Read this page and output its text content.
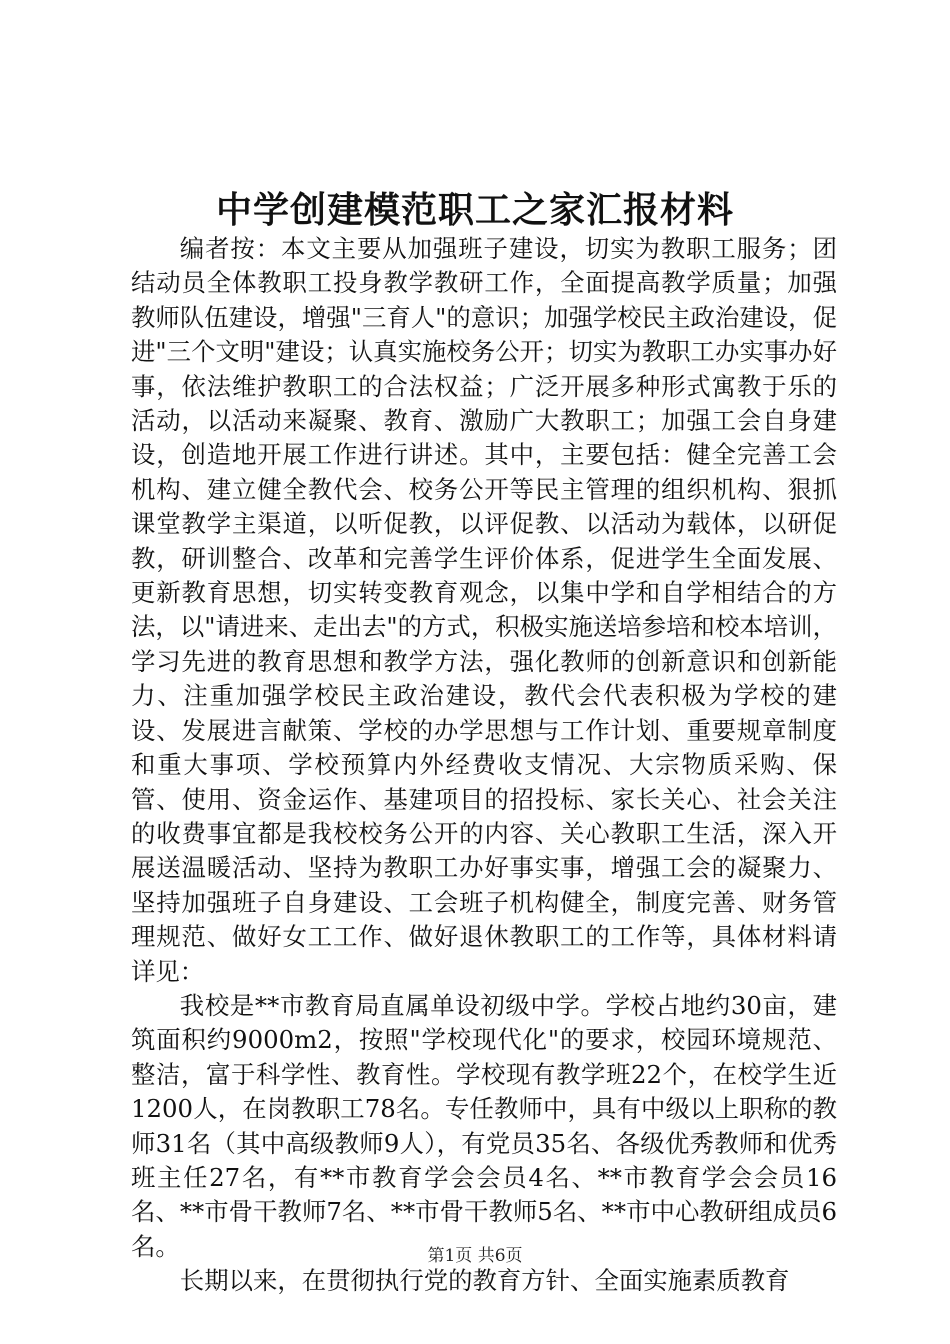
中学创建模范职工之家汇报材料

编者按：本文主要从加强班子建设，切实为教职工服务；团结动员全体教职工投身教学教研工作，全面提高教学质量；加强教师队伍建设，增强"三育人"的意识；加强学校民主政治建设，促进"三个文明"建设；认真实施校务公开；切实为教职工办实事办好事，依法维护教职工的合法权益；广泛开展多种形式寓教于乐的活动，以活动来凝聚、教育、激励广大教职工；加强工会自身建设，创造地开展工作进行讲述。其中，主要包括：健全完善工会机构、建立健全教代会、校务公开等民主管理的组织机构、狠抓课堂教学主渠道，以听促教，以评促教、以活动为载体，以研促教，研训整合、改革和完善学生评价体系，促进学生全面发展、更新教育思想，切实转变教育观念，以集中学和自学相结合的方法，以"请进来、走出去"的方式，积极实施送培参培和校本培训，学习先进的教育思想和教学方法，强化教师的创新意识和创新能力、注重加强学校民主政治建设，教代会代表积极为学校的建设、发展进言献策、学校的办学思想与工作计划、重要规章制度和重大事项、学校预算内外经费收支情况、大宗物质采购、保管、使用、资金运作、基建项目的招投标、家长关心、社会关注的收费事宜都是我校校务公开的内容、关心教职工生活，深入开展送温暖活动、坚持为教职工办好事实事，增强工会的凝聚力、坚持加强班子自身建设、工会班子机构健全，制度完善、财务管理规范、做好女工工作、做好退休教职工的工作等，具体材料请详见：

我校是**市教育局直属单设初级中学。学校占地约30亩，建筑面积约9000m2，按照"学校现代化"的要求，校园环境规范、整洁，富于科学性、教育性。学校现有教学班22个，在校学生近1200人，在岗教职工78名。专任教师中，具有中级以上职称的教师31名（其中高级教师9人），有党员35名、各级优秀教师和优秀班主任27名，有**市教育学会会员4名、**市教育学会会员16名、**市骨干教师7名、**市骨干教师5名、**市中心教研组成员6名。

长期以来，在贯彻执行党的教育方针、全面实施素质教育

第1页 共6页
